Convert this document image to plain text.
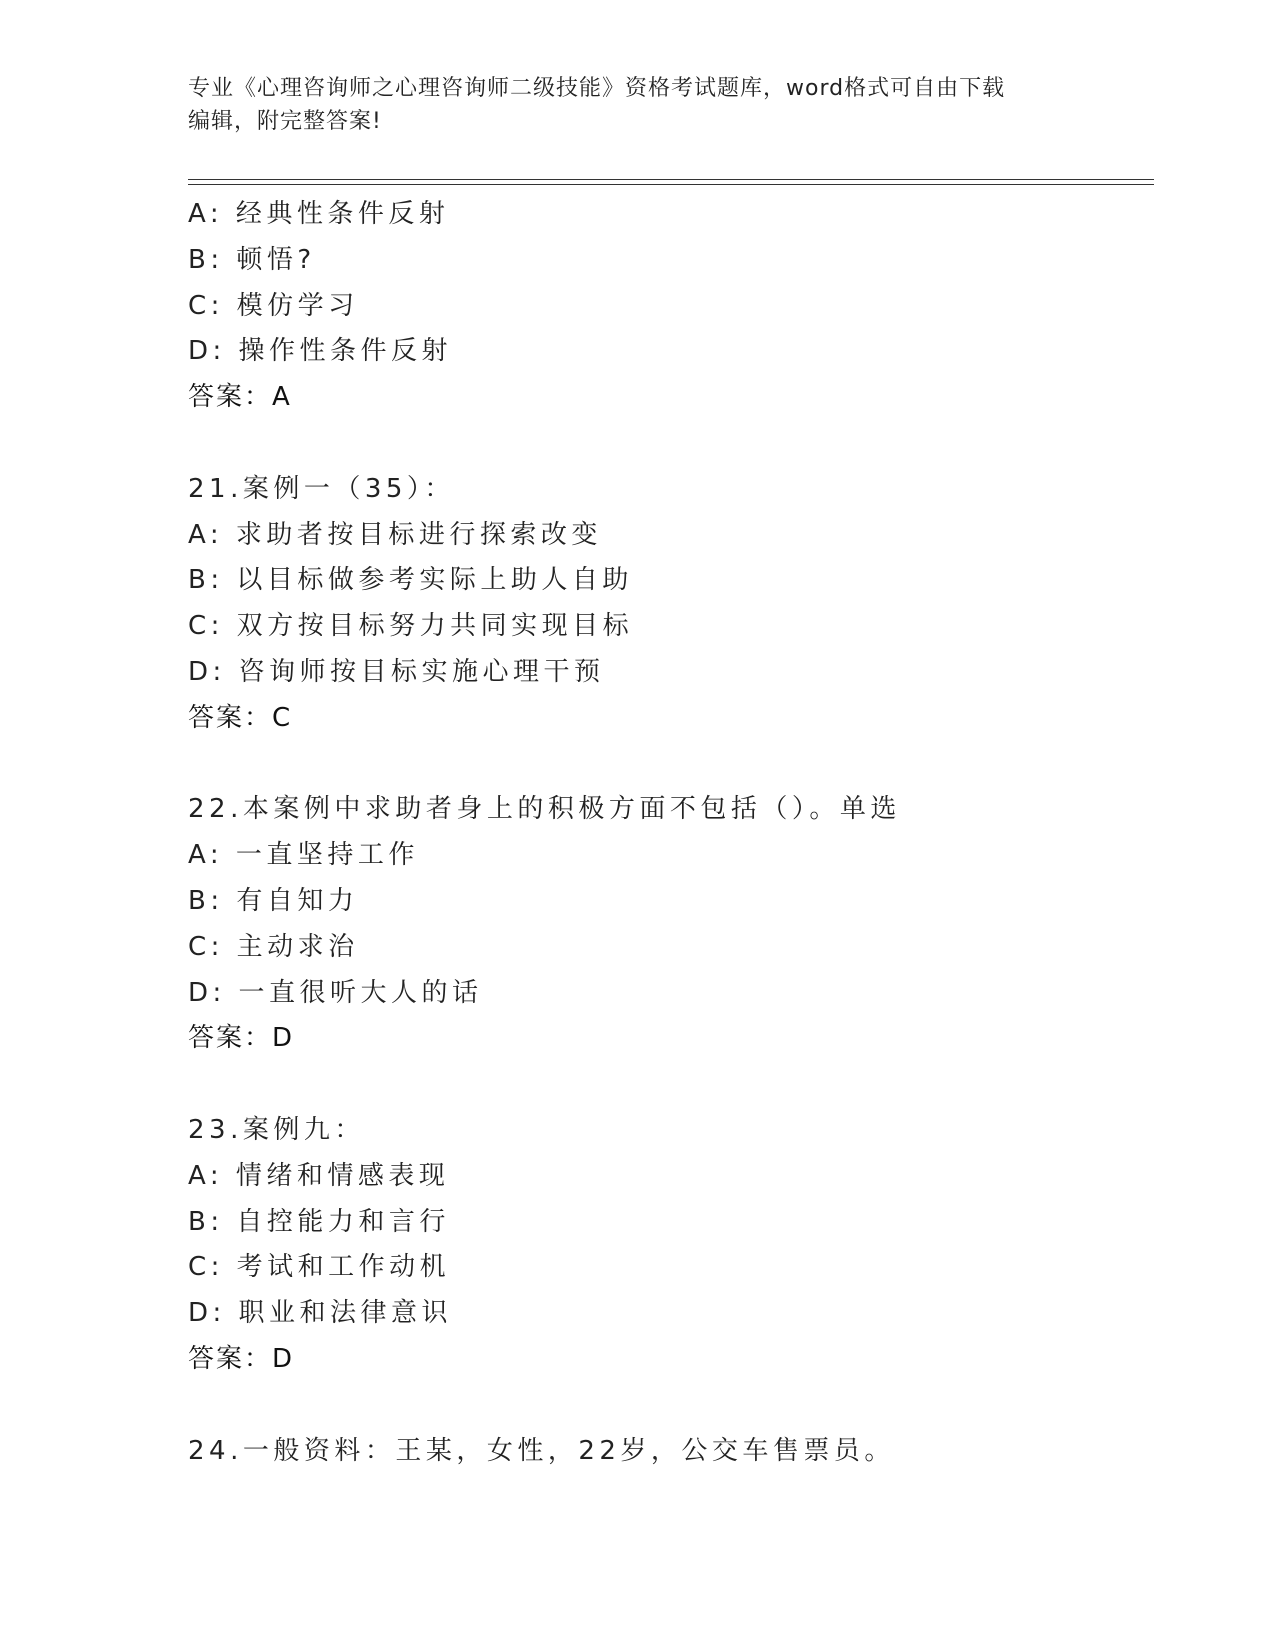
专业《心理咨询师之心理咨询师二级技能》资格考试题库，word格式可自由下载
编辑，附完整答案!
A: 经典性条件反射
B: 顿悟?
C: 模仿学习
D: 操作性条件反射
答案：A
21.案例一（35）：
A: 求助者按目标进行探索改变
B: 以目标做参考实际上助人自助
C: 双方按目标努力共同实现目标
D: 咨询师按目标实施心理干预
答案：C
22.本案例中求助者身上的积极方面不包括（）。单选
A: 一直坚持工作
B: 有自知力
C: 主动求治
D: 一直很听大人的话
答案：D
23.案例九：
A: 情绪和情感表现
B: 自控能力和言行
C: 考试和工作动机
D: 职业和法律意识
答案：D
24.一般资料：王某，女性，22岁，公交车售票员。
